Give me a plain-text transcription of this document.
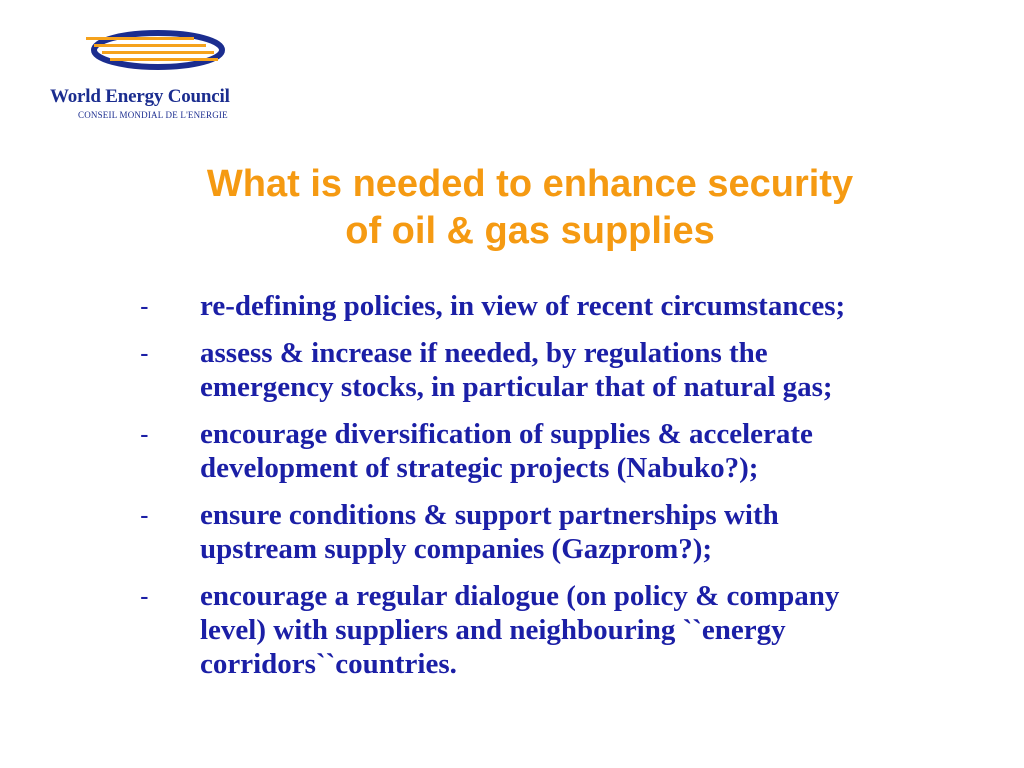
World Energy Council
CONSEIL MONDIAL DE L'ENERGIE
What is needed to enhance security
of oil & gas supplies
- re-defining policies, in view of recent circumstances;
- assess & increase if needed, by regulations the
emergency stocks, in particular that of natural gas;
- encourage diversification of supplies & accelerate
development of strategic projects (Nabuko?);
- ensure conditions & support partnerships with
upstream supply companies (Gazprom?);
- encourage a regular dialogue (on policy & company
level) with suppliers and neighbouring ``energy
corridors``countries.
